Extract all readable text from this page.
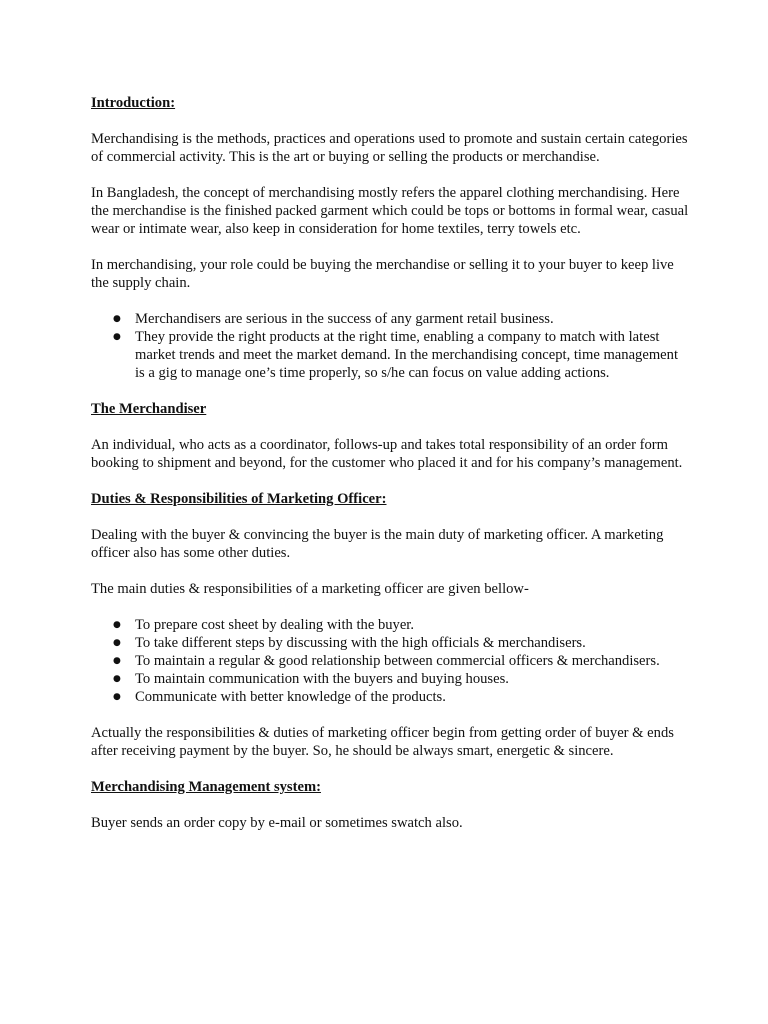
Introduction:

Merchandising is the methods, practices and operations used to promote and sustain certain categories of commercial activity. This is the art or buying or selling the products or merchandise.

In Bangladesh, the concept of merchandising mostly refers the apparel clothing merchandising. Here the merchandise is the finished packed garment which could be tops or bottoms in formal wear, casual wear or intimate wear, also keep in consideration for home textiles, terry towels etc.

In merchandising, your role could be buying the merchandise or selling it to your buyer to keep live the supply chain.

● Merchandisers are serious in the success of any garment retail business.
● They provide the right products at the right time, enabling a company to match with latest market trends and meet the market demand. In the merchandising concept, time management is a gig to manage one’s time properly, so s/he can focus on value adding actions.
The Merchandiser

An individual, who acts as a coordinator, follows-up and takes total responsibility of an order form booking to shipment and beyond, for the customer who placed it and for his company’s management.

Duties & Responsibilities of Marketing Officer:

Dealing with the buyer & convincing the buyer is the main duty of marketing officer. A marketing officer also has some other duties.

The main duties & responsibilities of a marketing officer are given bellow-

● To prepare cost sheet by dealing with the buyer.
● To take different steps by discussing with the high officials & merchandisers.
● To maintain a regular & good relationship between commercial officers & merchandisers.
● To maintain communication with the buyers and buying houses.
● Communicate with better knowledge of the products.

Actually the responsibilities & duties of marketing officer begin from getting order of buyer & ends after receiving payment by the buyer. So, he should be always smart, energetic & sincere.

Merchandising Management system:

Buyer sends an order copy by e-mail or sometimes swatch also.
